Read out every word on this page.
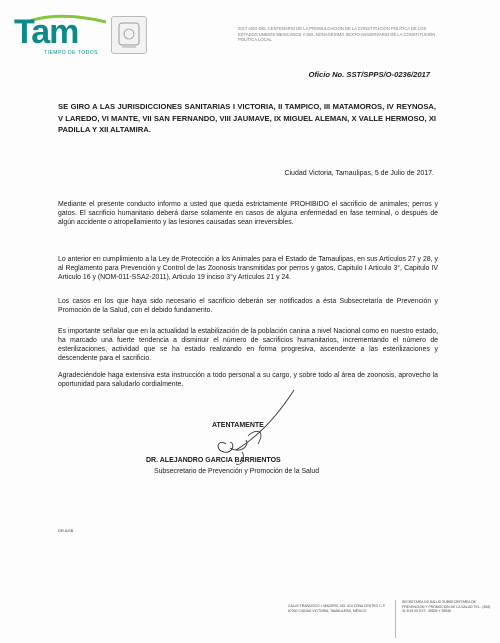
Tam
TIEMPO DE TODOS
2017 AÑO DEL CENTENARIO DE LA PROMULGACIÓN DE LA CONSTITUCIÓN POLÍTICA DE LOS ESTADOS UNIDOS MEXICANOS Y DEL NONAGÉSIMO SEXTO ANIVERSARIO DE LA CONSTITUCIÓN POLÍTICA LOCAL
Oficio No. SST/SPPS/O-0236/2017
SE GIRO A LAS JURISDICCIONES SANITARIAS I VICTORIA, II TAMPICO, III MATAMOROS, IV REYNOSA, V LAREDO, VI MANTE, VII SAN FERNANDO, VIII JAUMAVE, IX MIGUEL ALEMAN, X VALLE HERMOSO, XI PADILLA Y XII ALTAMIRA.
Ciudad Victoria, Tamaulipas, 5 de Julio de 2017.
Mediante el presente conducto informo a usted que queda estrictamente PROHIBIDO el sacrificio de animales; perros y gatos. El sacrificio humanitario deberá darse solamente en casos de alguna enfermedad en fase terminal, o después de algún accidente o atropellamiento y las lesiones causadas sean irreversibles.
Lo anterior en cumplimiento a la Ley de Protección a los Animales para el Estado de Tamaulipas, en sus Artículos 27 y 28, y al Reglamento para Prevención y Control de las Zoonosis transmitidas por perros y gatos, Capitulo I Articulo 3°, Capitulo IV Articulo 16 y (NOM-011-SSA2-2011), Articulo 19 inciso 3°y Artículos 21 y 24.
Los casos en los que haya sido necesario el sacrificio deberán ser notificados a ésta Subsecretaría de Prevención y Promoción de la Salud, con el debido fundamento.
Es importante señalar que en la actualidad la estabilización de la población canina a nivel Nacional como en nuestro estado, ha marcado una fuerte tendencia a disminuir el número de sacrificios humanitarios, incrementando el número de esterilizaciones, actividad que se ha estado realizando en forma progresiva, ascendente a las esterilizaciones y descendente para el sacrificio.
Agradeciéndole haga extensiva esta instrucción a todo personal a su cargo, y sobre todo al área de zoonosis, aprovecho la oportunidad para saludarlo cordialmente.
ATENTAMENTE
DR. ALEJANDRO GARCIA BARRIENTOS
Subsecretario de Prevención y Promoción de la Salud
DR.AGB
CALLE FRANCISCO I. MADERO, NO. 414 ZONA CENTRO C.P. 87000 CIUDAD VICTORIA, TAMAULIPAS, MÉXICO
SECRETARÍA DE SALUD SUBSECRETARÍA DE PREVENCIÓN Y PROMOCIÓN DE LA SALUD TEL.: (834) 31 8 63 00 EXT.: 39525 Y 39546
